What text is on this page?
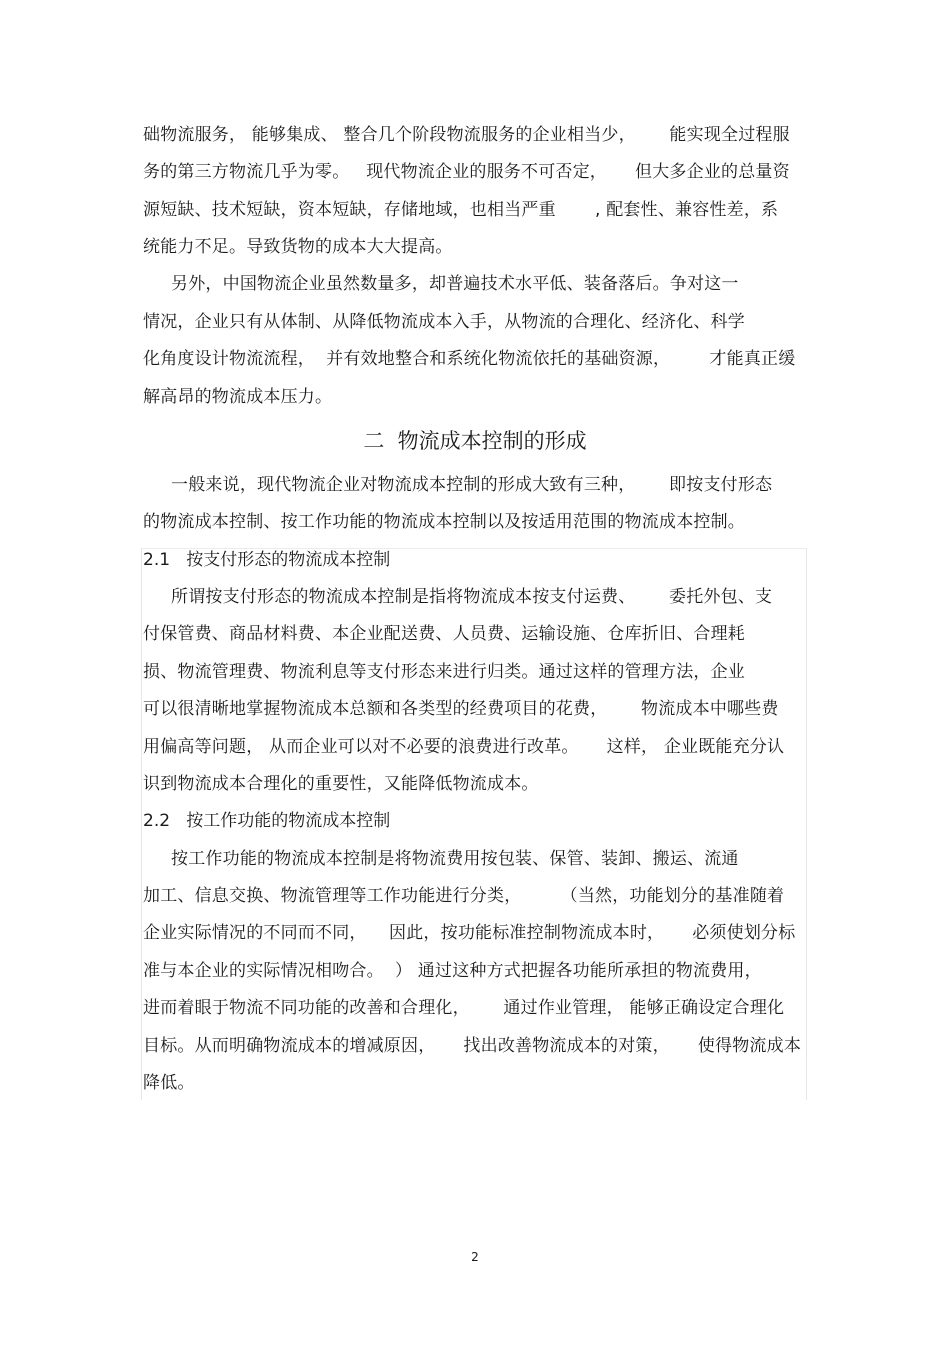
础物流服务， 能够集成、 整合几个阶段物流服务的企业相当少，      能实现全过程服
务的第三方物流几乎为零。   现代物流企业的服务不可否定，     但大多企业的总量资
源短缺、技术短缺，资本短缺，存储地域，也相当严重       , 配套性、兼容性差，系
统能力不足。导致货物的成本大大提高。
另外，中国物流企业虽然数量多，却普遍技术水平低、装备落后。争对这一
情况，企业只有从体制、从降低物流成本入手，从物流的合理化、经济化、科学
化角度设计物流流程，  并有效地整合和系统化物流依托的基础资源，       才能真正缓
解高昂的物流成本压力。
二  物流成本控制的形成
一般来说，现代物流企业对物流成本控制的形成大致有三种，      即按支付形态
的物流成本控制、按工作功能的物流成本控制以及按适用范围的物流成本控制。
2.1   按支付形态的物流成本控制
所谓按支付形态的物流成本控制是指将物流成本按支付运费、      委托外包、支
付保管费、商品材料费、本企业配送费、人员费、运输设施、仓库折旧、合理耗
损、物流管理费、物流利息等支付形态来进行归类。通过这样的管理方法，企业
可以很清晰地掌握物流成本总额和各类型的经费项目的花费，      物流成本中哪些费
用偏高等问题， 从而企业可以对不必要的浪费进行改革。     这样， 企业既能充分认
识到物流成本合理化的重要性，又能降低物流成本。
2.2   按工作功能的物流成本控制
按工作功能的物流成本控制是将物流费用按包装、保管、装卸、搬运、流通
加工、信息交换、物流管理等工作功能进行分类，       （当然，功能划分的基准随着
企业实际情况的不同而不同，    因此，按功能标准控制物流成本时，     必须使划分标
准与本企业的实际情况相吻合。  ） 通过这种方式把握各功能所承担的物流费用，
进而着眼于物流不同功能的改善和合理化，      通过作业管理， 能够正确设定合理化
目标。从而明确物流成本的增减原因，     找出改善物流成本的对策，     使得物流成本
降低。
2
